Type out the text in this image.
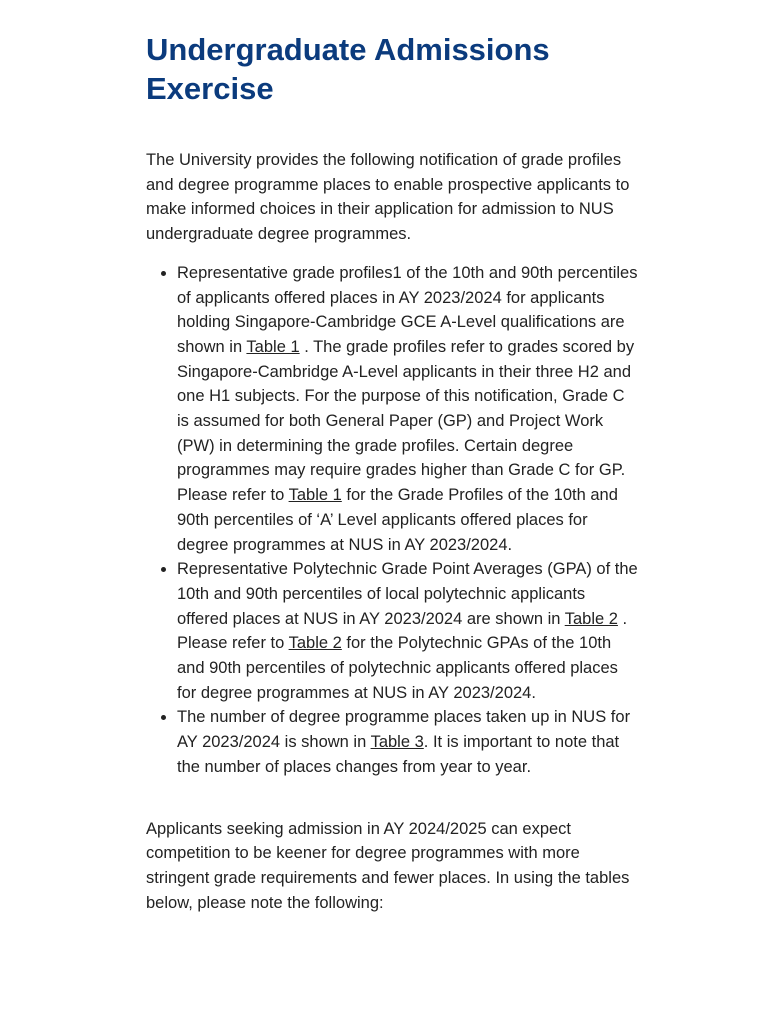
Undergraduate Admissions Exercise

The University provides the following notification of grade profiles and degree programme places to enable prospective applicants to make informed choices in their application for admission to NUS undergraduate degree programmes.

• Representative grade profiles1 of the 10th and 90th percentiles of applicants offered places in AY 2023/2024 for applicants holding Singapore-Cambridge GCE A-Level qualifications are shown in Table 1 . The grade profiles refer to grades scored by Singapore-Cambridge A-Level applicants in their three H2 and one H1 subjects. For the purpose of this notification, Grade C is assumed for both General Paper (GP) and Project Work (PW) in determining the grade profiles. Certain degree programmes may require grades higher than Grade C for GP. Please refer to Table 1 for the Grade Profiles of the 10th and 90th percentiles of ‘A’ Level applicants offered places for degree programmes at NUS in AY 2023/2024.
• Representative Polytechnic Grade Point Averages (GPA) of the 10th and 90th percentiles of local polytechnic applicants offered places at NUS in AY 2023/2024 are shown in Table 2 . Please refer to Table 2 for the Polytechnic GPAs of the 10th and 90th percentiles of polytechnic applicants offered places for degree programmes at NUS in AY 2023/2024.
• The number of degree programme places taken up in NUS for AY 2023/2024 is shown in Table 3. It is important to note that the number of places changes from year to year.

Applicants seeking admission in AY 2024/2025 can expect competition to be keener for degree programmes with more stringent grade requirements and fewer places. In using the tables below, please note the following:
